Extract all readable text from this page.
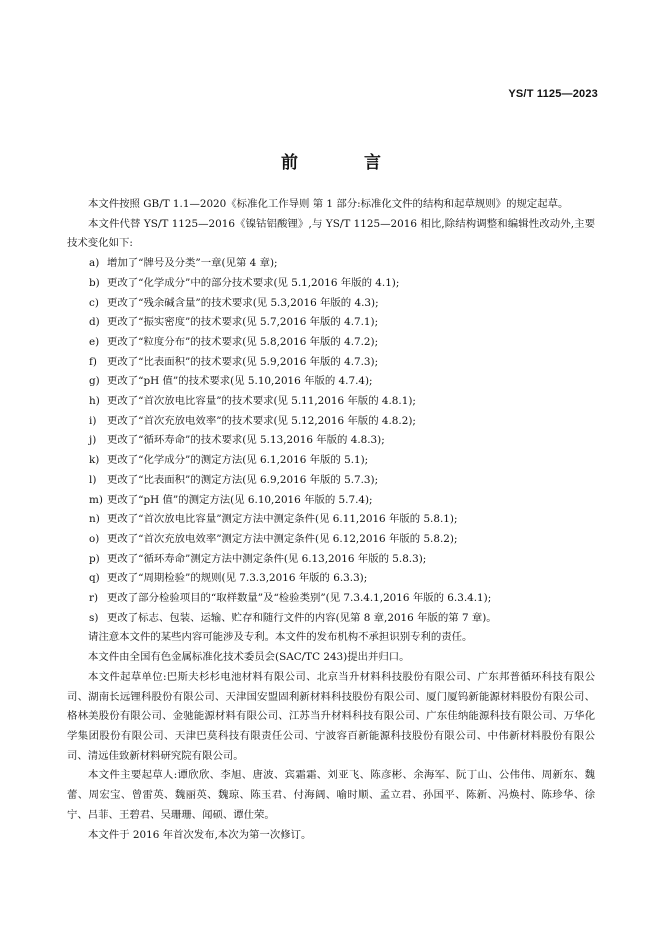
YS/T 1125—2023
前 言

本文件按照 GB/T 1.1—2020《标准化工作导则 第 1 部分:标准化文件的结构和起草规则》的规定起草。

本文件代替 YS/T 1125—2016《镍钴铝酸锂》,与 YS/T 1125—2016 相比,除结构调整和编辑性改动外,主要技术变化如下:

a) 增加了“牌号及分类”一章(见第 4 章);
b) 更改了“化学成分”中的部分技术要求(见 5.1,2016 年版的 4.1);
c) 更改了“残余碱含量”的技术要求(见 5.3,2016 年版的 4.3);
d) 更改了“振实密度”的技术要求(见 5.7,2016 年版的 4.7.1);
e) 更改了“粒度分布”的技术要求(见 5.8,2016 年版的 4.7.2);
f) 更改了“比表面积”的技术要求(见 5.9,2016 年版的 4.7.3);
g) 更改了“pH 值”的技术要求(见 5.10,2016 年版的 4.7.4);
h) 更改了“首次放电比容量”的技术要求(见 5.11,2016 年版的 4.8.1);
i)	更改了“首次充放电效率”的技术要求(见 5.12,2016 年版的 4.8.2);
j)	更改了“循环寿命”的技术要求(见 5.13,2016 年版的 4.8.3);
k) 更改了“化学成分”的测定方法(见 6.1,2016 年版的 5.1);
l)	更改了“比表面积”的测定方法(见 6.9,2016 年版的 5.7.3);
m) 更改了“pH 值”的测定方法(见 6.10,2016 年版的 5.7.4);
n) 更改了“首次放电比容量”测定方法中测定条件(见 6.11,2016 年版的 5.8.1);
o) 更改了“首次充放电效率”测定方法中测定条件(见 6.12,2016 年版的 5.8.2);
p) 更改了“循环寿命”测定方法中测定条件(见 6.13,2016 年版的 5.8.3);
q) 更改了“周期检验”的规则(见 7.3.3,2016 年版的 6.3.3);
r) 更改了部分检验项目的“取样数量”及“检验类别”(见 7.3.4.1,2016 年版的 6.3.4.1);
s) 更改了标志、包装、运输、贮存和随行文件的内容(见第 8 章,2016 年版的第 7 章)。

请注意本文件的某些内容可能涉及专利。本文件的发布机构不承担识别专利的责任。

本文件由全国有色金属标准化技术委员会(SAC/TC 243)提出并归口。

本文件起草单位:巴斯夫杉杉电池材料有限公司、北京当升材料科技股份有限公司、广东邦普循环科技有限公司、湖南长远锂科股份有限公司、天津国安盟固利新材料科技股份有限公司、厦门厦钨新能源材料股份有限公司、格林美股份有限公司、金驰能源材料有限公司、江苏当升材料科技有限公司、广东佳纳能源科技有限公司、万华化学集团股份有限公司、天津巴莫科技有限责任公司、宁波容百新能源科技股份有限公司、中伟新材料股份有限公司、清远佳致新材料研究院有限公司。

本文件主要起草人:谭欣欣、李旭、唐波、宾霜霜、刘亚飞、陈彦彬、余海军、阮丁山、公伟伟、周新东、魏蕾、周宏宝、曾雷英、魏丽英、魏琼、陈玉君、付海阔、喻时顺、孟立君、孙国平、陈新、冯焕村、陈珍华、徐宁、吕菲、王碧君、吴珊珊、闻硕、谭仕荣。

本文件于 2016 年首次发布,本次为第一次修订。
